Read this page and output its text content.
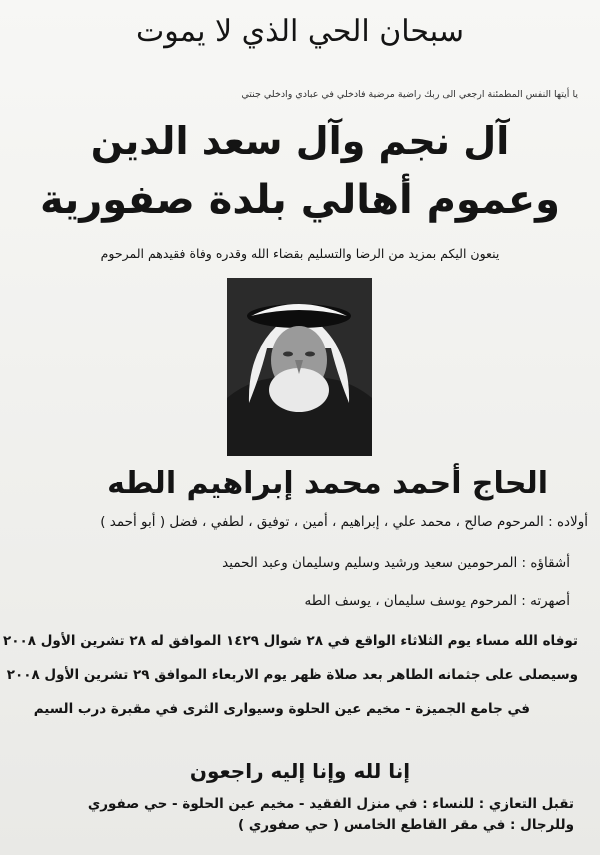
سبحان الحي الذي لا يموت
يا أيتها النفس المطمئنة ارجعي الى ربك راضية مرضية فادخلي في عبادي وادخلي جنتي
آل نجم وآل سعد الدين
وعموم أهالي بلدة صفورية
ينعون اليكم بمزيد من الرضا والتسليم بقضاء الله وقدره وفاة فقيدهم المرحوم
الحاج أحمد محمد إبراهيم الطه
أولاده : المرحوم صالح ، محمد علي ، إبراهيم ، أمين ، توفيق ، لطفي ، فضل ( أبو أحمد )
أشقاؤه : المرحومين سعيد ورشيد وسليم وسليمان وعبد الحميد
أصهرته : المرحوم يوسف سليمان ، يوسف الطه
توفاه الله مساء يوم الثلاثاء الواقع في ٢٨ شوال ١٤٢٩ الموافق له ٢٨ تشرين الأول ٢٠٠٨
وسيصلى على جثمانه الطاهر بعد صلاة ظهر يوم الاربعاء الموافق ٢٩ تشرين الأول ٢٠٠٨
في جامع الجميزة - مخيم عين الحلوة وسيوارى الثرى في مقبرة درب السيم
إنا لله وإنا إليه راجعون
تقبل التعازي : للنساء : في منزل الفقيد - مخيم عين الحلوة - حي صفوري
وللرجال : في مقر القاطع الخامس ( حي صفوري )
